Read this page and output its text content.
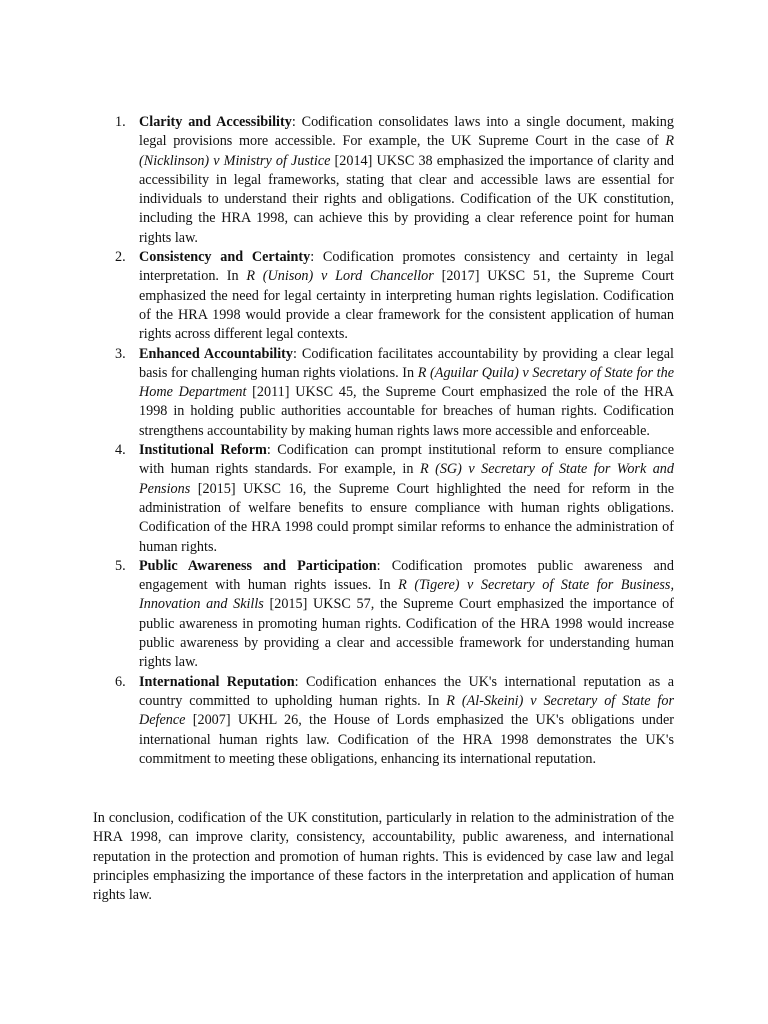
1. Clarity and Accessibility: Codification consolidates laws into a single document, making legal provisions more accessible. For example, the UK Supreme Court in the case of R (Nicklinson) v Ministry of Justice [2014] UKSC 38 emphasized the importance of clarity and accessibility in legal frameworks, stating that clear and accessible laws are essential for individuals to understand their rights and obligations. Codification of the UK constitution, including the HRA 1998, can achieve this by providing a clear reference point for human rights law.
2. Consistency and Certainty: Codification promotes consistency and certainty in legal interpretation. In R (Unison) v Lord Chancellor [2017] UKSC 51, the Supreme Court emphasized the need for legal certainty in interpreting human rights legislation. Codification of the HRA 1998 would provide a clear framework for the consistent application of human rights across different legal contexts.
3. Enhanced Accountability: Codification facilitates accountability by providing a clear legal basis for challenging human rights violations. In R (Aguilar Quila) v Secretary of State for the Home Department [2011] UKSC 45, the Supreme Court emphasized the role of the HRA 1998 in holding public authorities accountable for breaches of human rights. Codification strengthens accountability by making human rights laws more accessible and enforceable.
4. Institutional Reform: Codification can prompt institutional reform to ensure compliance with human rights standards. For example, in R (SG) v Secretary of State for Work and Pensions [2015] UKSC 16, the Supreme Court highlighted the need for reform in the administration of welfare benefits to ensure compliance with human rights obligations. Codification of the HRA 1998 could prompt similar reforms to enhance the administration of human rights.
5. Public Awareness and Participation: Codification promotes public awareness and engagement with human rights issues. In R (Tigere) v Secretary of State for Business, Innovation and Skills [2015] UKSC 57, the Supreme Court emphasized the importance of public awareness in promoting human rights. Codification of the HRA 1998 would increase public awareness by providing a clear and accessible framework for understanding human rights law.
6. International Reputation: Codification enhances the UK's international reputation as a country committed to upholding human rights. In R (Al-Skeini) v Secretary of State for Defence [2007] UKHL 26, the House of Lords emphasized the UK's obligations under international human rights law. Codification of the HRA 1998 demonstrates the UK's commitment to meeting these obligations, enhancing its international reputation.

In conclusion, codification of the UK constitution, particularly in relation to the administration of the HRA 1998, can improve clarity, consistency, accountability, public awareness, and international reputation in the protection and promotion of human rights. This is evidenced by case law and legal principles emphasizing the importance of these factors in the interpretation and application of human rights law.
